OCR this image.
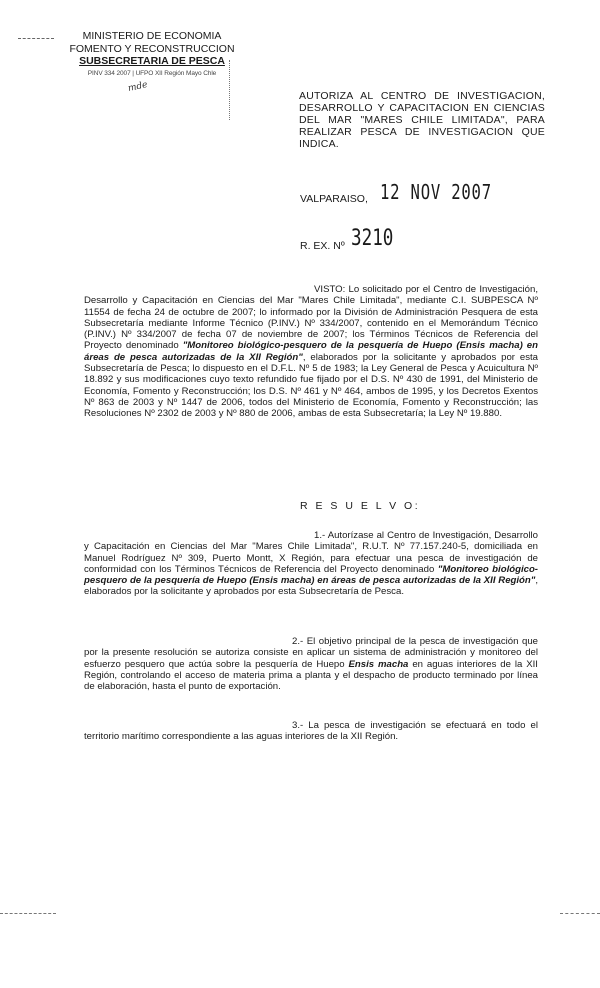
MINISTERIO DE ECONOMIA
FOMENTO Y RECONSTRUCCION
SUBSECRETARIA DE PESCA
PINV 334 2007 | UFPO XII Región Mayo Chle
mde
AUTORIZA AL CENTRO DE INVESTIGACION, DESARROLLO Y CAPACITACION EN CIENCIAS DEL MAR "MARES CHILE LIMITADA", PARA REALIZAR PESCA DE INVESTIGACION QUE INDICA.
VALPARAISO, 12 NOV 2007
R. EX. Nº 3210
VISTO: Lo solicitado por el Centro de Investigación, Desarrollo y Capacitación en Ciencias del Mar "Mares Chile Limitada", mediante C.I. SUBPESCA Nº 11554 de fecha 24 de octubre de 2007; lo informado por la División de Administración Pesquera de esta Subsecretaría mediante Informe Técnico (P.INV.) Nº 334/2007, contenido en el Memorándum Técnico (P.INV.) Nº 334/2007 de fecha 07 de noviembre de 2007; los Términos Técnicos de Referencia del Proyecto denominado "Monitoreo biológico-pesquero de la pesquería de Huepo (Ensis macha) en áreas de pesca autorizadas de la XII Región", elaborados por la solicitante y aprobados por esta Subsecretaría de Pesca; lo dispuesto en el D.F.L. Nº 5 de 1983; la Ley General de Pesca y Acuicultura Nº 18.892 y sus modificaciones cuyo texto refundido fue fijado por el D.S. Nº 430 de 1991, del Ministerio de Economía, Fomento y Reconstrucción; los D.S. Nº 461 y Nº 464, ambos de 1995, y los Decretos Exentos Nº 863 de 2003 y Nº 1447 de 2006, todos del Ministerio de Economía, Fomento y Reconstrucción; las Resoluciones Nº 2302 de 2003 y Nº 880 de 2006, ambas de esta Subsecretaría; la Ley Nº 19.880.
R E S U E L V O:
1.- Autorízase al Centro de Investigación, Desarrollo y Capacitación en Ciencias del Mar "Mares Chile Limitada", R.U.T. Nº 77.157.240-5, domiciliada en Manuel Rodríguez Nº 309, Puerto Montt, X Región, para efectuar una pesca de investigación de conformidad con los Términos Técnicos de Referencia del Proyecto denominado "Monitoreo biológico-pesquero de la pesquería de Huepo (Ensis macha) en áreas de pesca autorizadas de la XII Región", elaborados por la solicitante y aprobados por esta Subsecretaría de Pesca.
2.- El objetivo principal de la pesca de investigación que por la presente resolución se autoriza consiste en aplicar un sistema de administración y monitoreo del esfuerzo pesquero que actúa sobre la pesquería de Huepo Ensis macha en aguas interiores de la XII Región, controlando el acceso de materia prima a planta y el despacho de producto terminado por línea de elaboración, hasta el punto de exportación.
3.- La pesca de investigación se efectuará en todo el territorio marítimo correspondiente a las aguas interiores de la XII Región.
